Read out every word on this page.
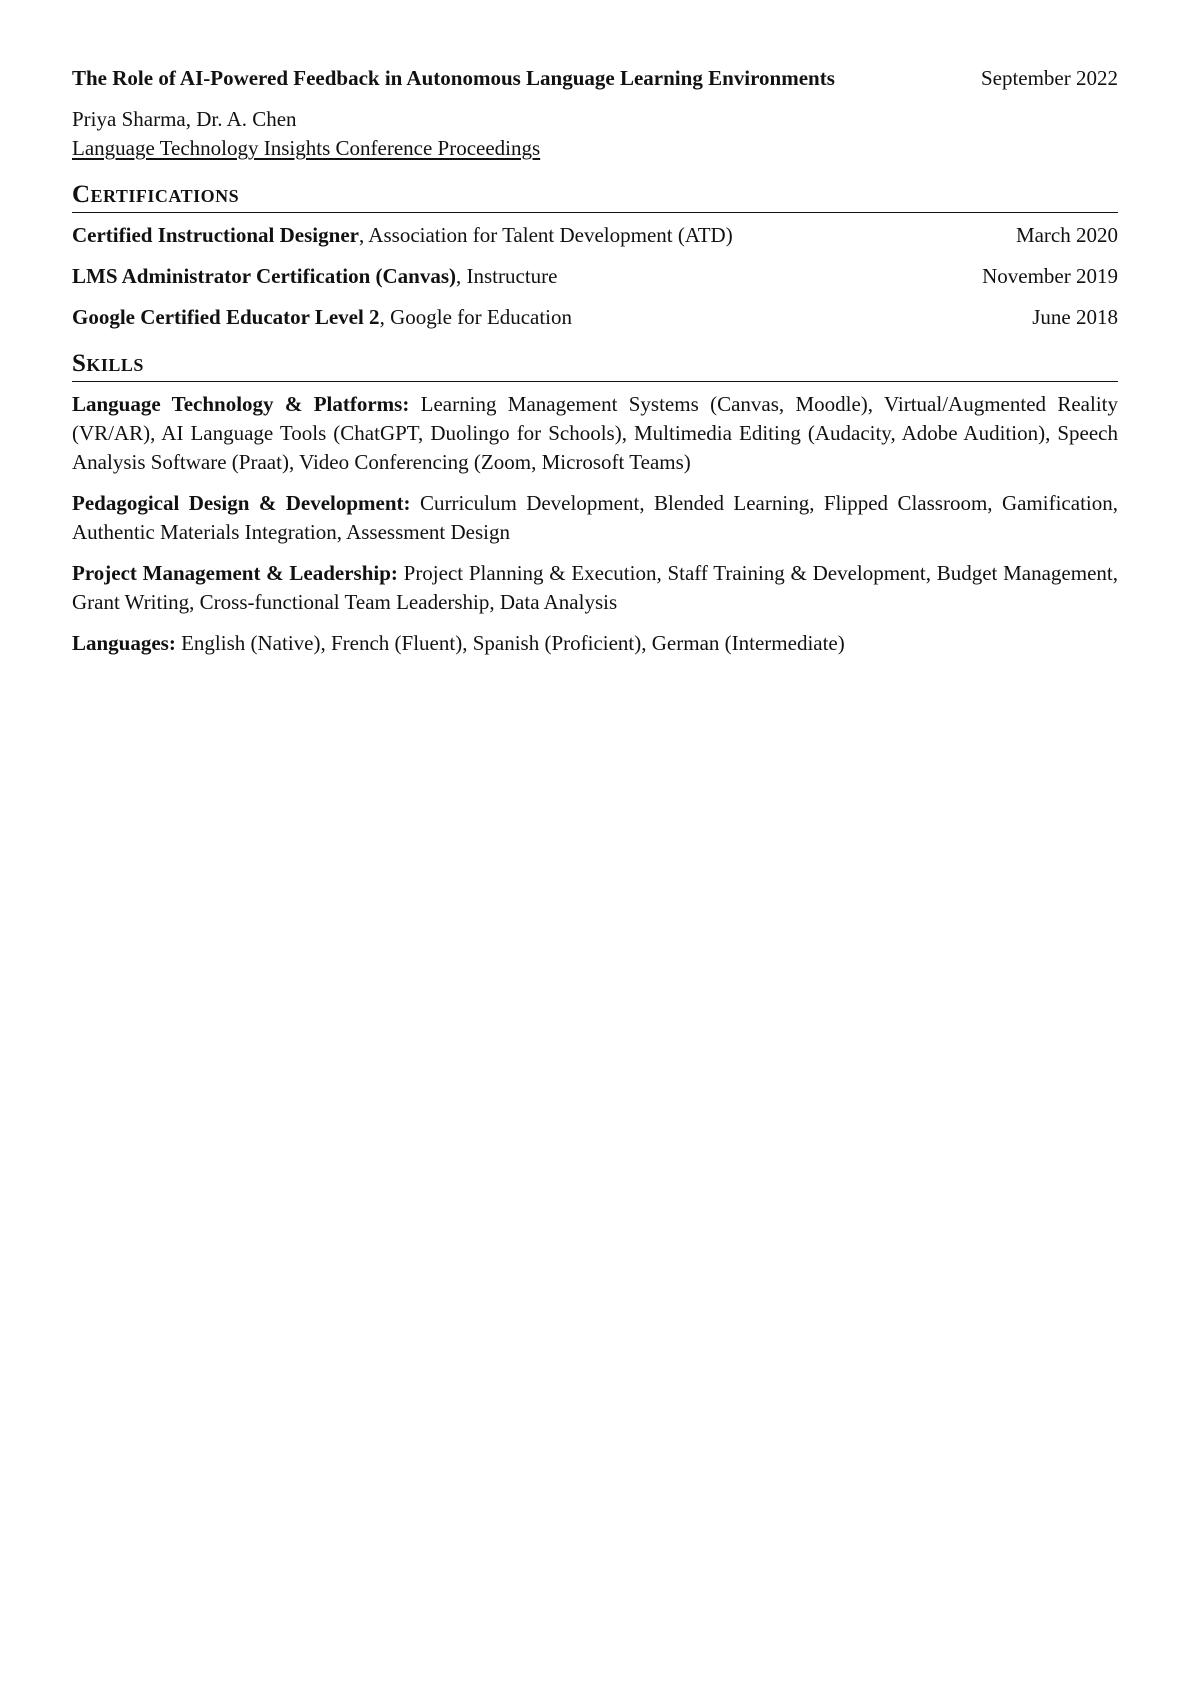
The Role of AI-Powered Feedback in Autonomous Language Learning Environments	September 2022
Priya Sharma, Dr. A. Chen
Language Technology Insights Conference Proceedings
Certifications
Certified Instructional Designer, Association for Talent Development (ATD)	March 2020
LMS Administrator Certification (Canvas), Instructure	November 2019
Google Certified Educator Level 2, Google for Education	June 2018
Skills
Language Technology & Platforms: Learning Management Systems (Canvas, Moodle), Virtual/Augmented Reality (VR/AR), AI Language Tools (ChatGPT, Duolingo for Schools), Multimedia Editing (Audacity, Adobe Audition), Speech Analysis Software (Praat), Video Conferencing (Zoom, Microsoft Teams)
Pedagogical Design & Development: Curriculum Development, Blended Learning, Flipped Classroom, Gamification, Authentic Materials Integration, Assessment Design
Project Management & Leadership: Project Planning & Execution, Staff Training & Development, Budget Management, Grant Writing, Cross-functional Team Leadership, Data Analysis
Languages: English (Native), French (Fluent), Spanish (Proficient), German (Intermediate)
